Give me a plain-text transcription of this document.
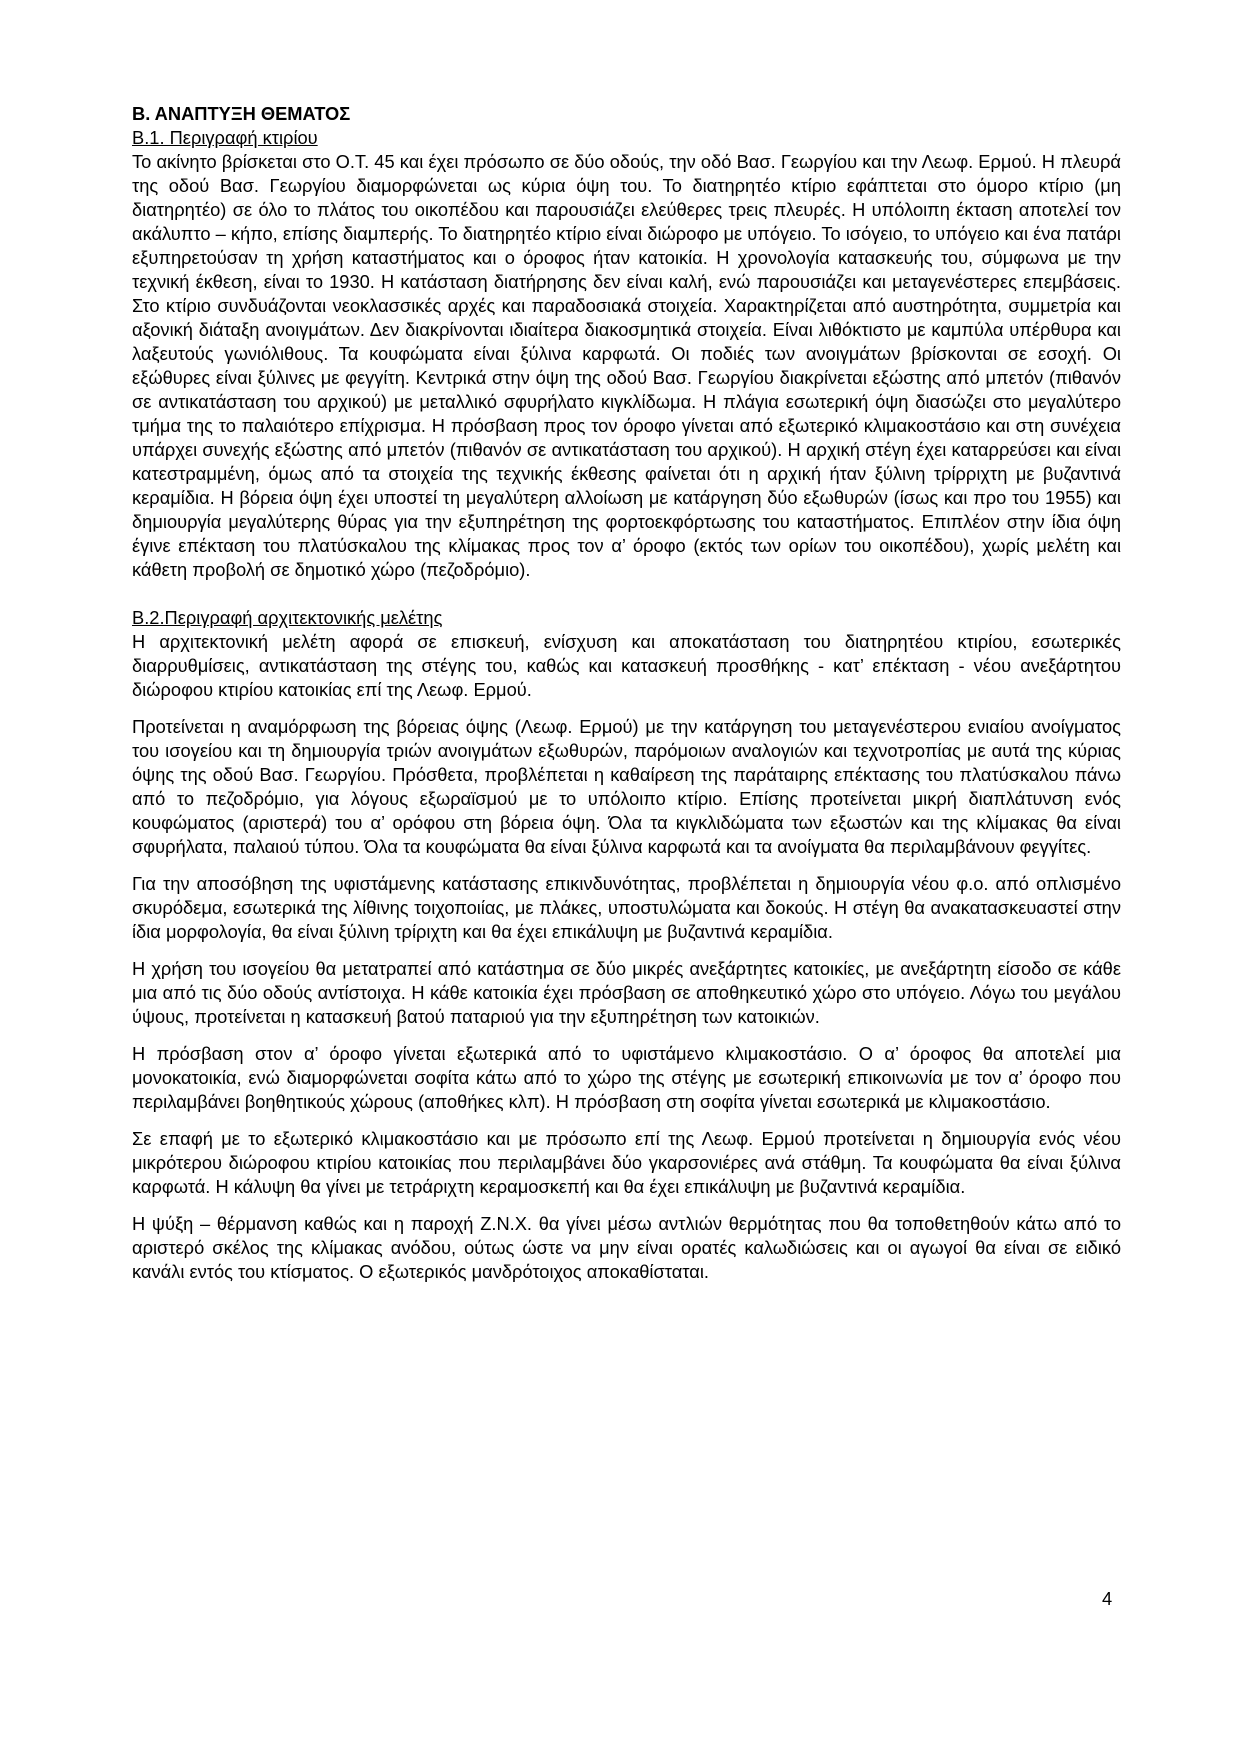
Β. ΑΝΑΠΤΥΞΗ ΘΕΜΑΤΟΣ
Β.1. Περιγραφή κτιρίου

Το ακίνητο βρίσκεται στο Ο.Τ. 45 και έχει πρόσωπο σε δύο οδούς, την οδό Βασ. Γεωργίου και την Λεωφ. Ερμού. Η πλευρά της οδού Βασ. Γεωργίου διαμορφώνεται ως κύρια όψη του. Το διατηρητέο κτίριο εφάπτεται στο όμορο κτίριο (μη διατηρητέο) σε όλο το πλάτος του οικοπέδου και παρουσιάζει ελεύθερες τρεις πλευρές. Η υπόλοιπη έκταση αποτελεί τον ακάλυπτο – κήπο, επίσης διαμπερής. Το διατηρητέο κτίριο είναι διώροφο με υπόγειο. Το ισόγειο, το υπόγειο και ένα πατάρι εξυπηρετούσαν τη χρήση καταστήματος και ο όροφος ήταν κατοικία. Η χρονολογία κατασκευής του, σύμφωνα με την τεχνική έκθεση, είναι το 1930. Η κατάσταση διατήρησης δεν είναι καλή, ενώ παρουσιάζει και μεταγενέστερες επεμβάσεις. Στο κτίριο συνδυάζονται νεοκλασσικές αρχές και παραδοσιακά στοιχεία. Χαρακτηρίζεται από αυστηρότητα, συμμετρία και αξονική διάταξη ανοιγμάτων. Δεν διακρίνονται ιδιαίτερα διακοσμητικά στοιχεία. Είναι λιθόκτιστο με καμπύλα υπέρθυρα και λαξευτούς γωνιόλιθους. Τα κουφώματα είναι ξύλινα καρφωτά. Οι ποδιές των ανοιγμάτων βρίσκονται σε εσοχή. Οι εξώθυρες είναι ξύλινες με φεγγίτη. Κεντρικά στην όψη της οδού Βασ. Γεωργίου διακρίνεται εξώστης από μπετόν (πιθανόν σε αντικατάσταση του αρχικού) με μεταλλικό σφυρήλατο κιγκλίδωμα. Η πλάγια εσωτερική όψη διασώζει στο μεγαλύτερο τμήμα της το παλαιότερο επίχρισμα. Η πρόσβαση προς τον όροφο γίνεται από εξωτερικό κλιμακοστάσιο και στη συνέχεια υπάρχει συνεχής εξώστης από μπετόν (πιθανόν σε αντικατάσταση του αρχικού). Η αρχική στέγη έχει καταρρεύσει και είναι κατεστραμμένη, όμως από τα στοιχεία της τεχνικής έκθεσης φαίνεται ότι η αρχική ήταν ξύλινη τρίρριχτη με βυζαντινά κεραμίδια. Η βόρεια όψη έχει υποστεί τη μεγαλύτερη αλλοίωση με κατάργηση δύο εξωθυρών (ίσως και προ του 1955) και δημιουργία μεγαλύτερης θύρας για την εξυπηρέτηση της φορτοεκφόρτωσης του καταστήματος. Επιπλέον στην ίδια όψη έγινε επέκταση του πλατύσκαλου της κλίμακας προς τον α’ όροφο (εκτός των ορίων του οικοπέδου), χωρίς μελέτη και κάθετη προβολή σε δημοτικό χώρο (πεζοδρόμιο).

Β.2.Περιγραφή αρχιτεκτονικής μελέτης

Η αρχιτεκτονική μελέτη αφορά σε επισκευή, ενίσχυση και αποκατάσταση του διατηρητέου κτιρίου, εσωτερικές διαρρυθμίσεις, αντικατάσταση της στέγης του, καθώς και κατασκευή προσθήκης - κατ’ επέκταση - νέου ανεξάρτητου διώροφου κτιρίου κατοικίας επί της Λεωφ. Ερμού.

Προτείνεται η αναμόρφωση της βόρειας όψης (Λεωφ. Ερμού) με την κατάργηση του μεταγενέστερου ενιαίου ανοίγματος του ισογείου και τη δημιουργία τριών ανοιγμάτων εξωθυρών, παρόμοιων αναλογιών και τεχνοτροπίας με αυτά της κύριας όψης της οδού Βασ. Γεωργίου. Πρόσθετα, προβλέπεται η καθαίρεση της παράταιρης επέκτασης του πλατύσκαλου πάνω από το πεζοδρόμιο, για λόγους εξωραϊσμού με το υπόλοιπο κτίριο. Επίσης προτείνεται μικρή διαπλάτυνση ενός κουφώματος (αριστερά) του α’ ορόφου στη βόρεια όψη. Όλα τα κιγκλιδώματα των εξωστών και της κλίμακας θα είναι σφυρήλατα, παλαιού τύπου. Όλα τα κουφώματα θα είναι ξύλινα καρφωτά και τα ανοίγματα θα περιλαμβάνουν φεγγίτες.

Για την αποσόβηση της υφιστάμενης κατάστασης επικινδυνότητας, προβλέπεται η δημιουργία νέου φ.ο. από οπλισμένο σκυρόδεμα, εσωτερικά της λίθινης τοιχοποιίας, με πλάκες, υποστυλώματα και δοκούς. Η στέγη θα ανακατασκευαστεί στην ίδια μορφολογία, θα είναι ξύλινη τρίριχτη και θα έχει επικάλυψη με βυζαντινά κεραμίδια.

Η χρήση του ισογείου θα μετατραπεί από κατάστημα σε δύο μικρές ανεξάρτητες κατοικίες, με ανεξάρτητη είσοδο σε κάθε μια από τις δύο οδούς αντίστοιχα. Η κάθε κατοικία έχει πρόσβαση σε αποθηκευτικό χώρο στο υπόγειο. Λόγω του μεγάλου ύψους, προτείνεται η κατασκευή βατού παταριού για την εξυπηρέτηση των κατοικιών.

Η πρόσβαση στον α’ όροφο γίνεται εξωτερικά από το υφιστάμενο κλιμακοστάσιο. Ο α’ όροφος θα αποτελεί μια μονοκατοικία, ενώ διαμορφώνεται σοφίτα κάτω από το χώρο της στέγης με εσωτερική επικοινωνία με τον α’ όροφο που περιλαμβάνει βοηθητικούς χώρους (αποθήκες κλπ). Η πρόσβαση στη σοφίτα γίνεται εσωτερικά με κλιμακοστάσιο.

Σε επαφή με το εξωτερικό κλιμακοστάσιο και με πρόσωπο επί της Λεωφ. Ερμού προτείνεται η δημιουργία ενός νέου μικρότερου διώροφου κτιρίου κατοικίας που περιλαμβάνει δύο γκαρσονιέρες ανά στάθμη. Τα κουφώματα θα είναι ξύλινα καρφωτά. Η κάλυψη θα γίνει με τετράριχτη κεραμοσκεπή και θα έχει επικάλυψη με βυζαντινά κεραμίδια.

Η ψύξη – θέρμανση καθώς και η παροχή Ζ.Ν.Χ. θα γίνει μέσω αντλιών θερμότητας που θα τοποθετηθούν κάτω από το αριστερό σκέλος της κλίμακας ανόδου, ούτως ώστε να μην είναι ορατές καλωδιώσεις και οι αγωγοί θα είναι σε ειδικό κανάλι εντός του κτίσματος. Ο εξωτερικός μανδρότοιχος αποκαθίσταται.

4
